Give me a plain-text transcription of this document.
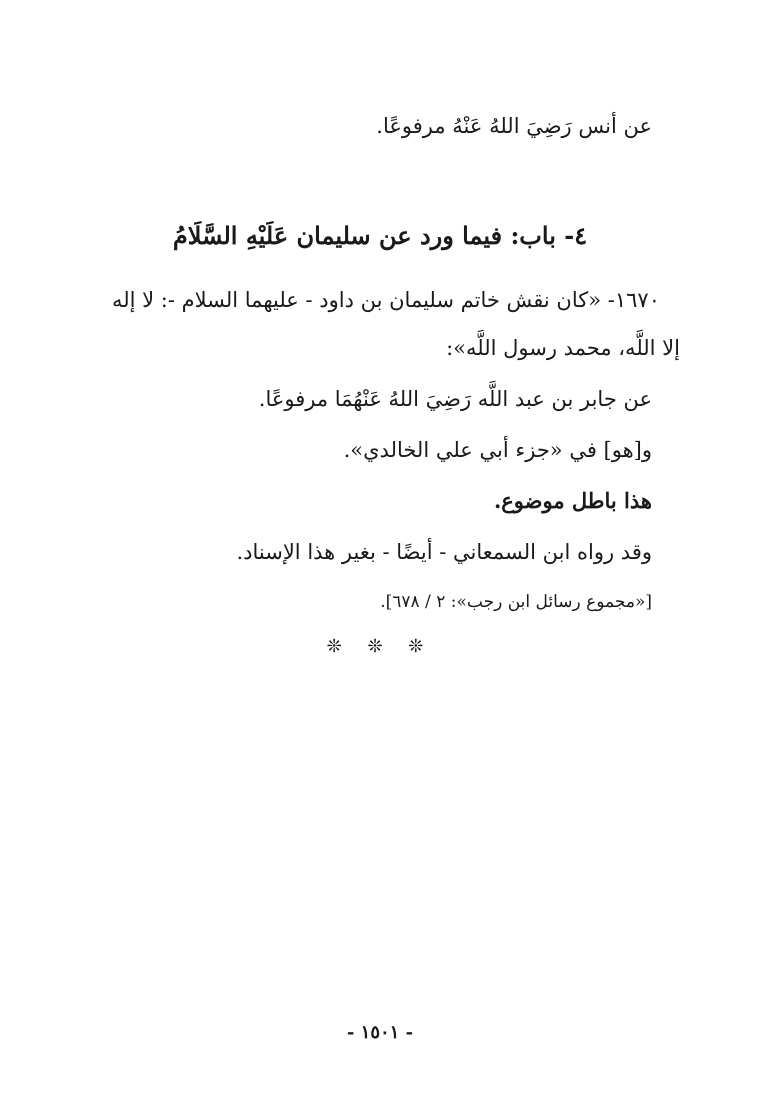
عن أنس رَضِيَ اللهُ عَنْهُ مرفوعًا.
٤- باب: فيما ورد عن سليمان عَلَيْهِ السَّلَامُ
١٦٧٠- «كان نقش خاتم سليمان بن داود - عليهما السلام -: لا إله
إلا اللَّه، محمد رسول اللَّه»:
عن جابر بن عبد اللَّه رَضِيَ اللهُ عَنْهُمَا مرفوعًا.
و[هو] في «جزء أبي علي الخالدي».
هذا باطل موضوع.
وقد رواه ابن السمعاني - أيضًا - بغير هذا الإسناد.
[«مجموع رسائل ابن رجب»: ٢ / ٦٧٨].
❊ ❊ ❊
- ١٥٠١ -
